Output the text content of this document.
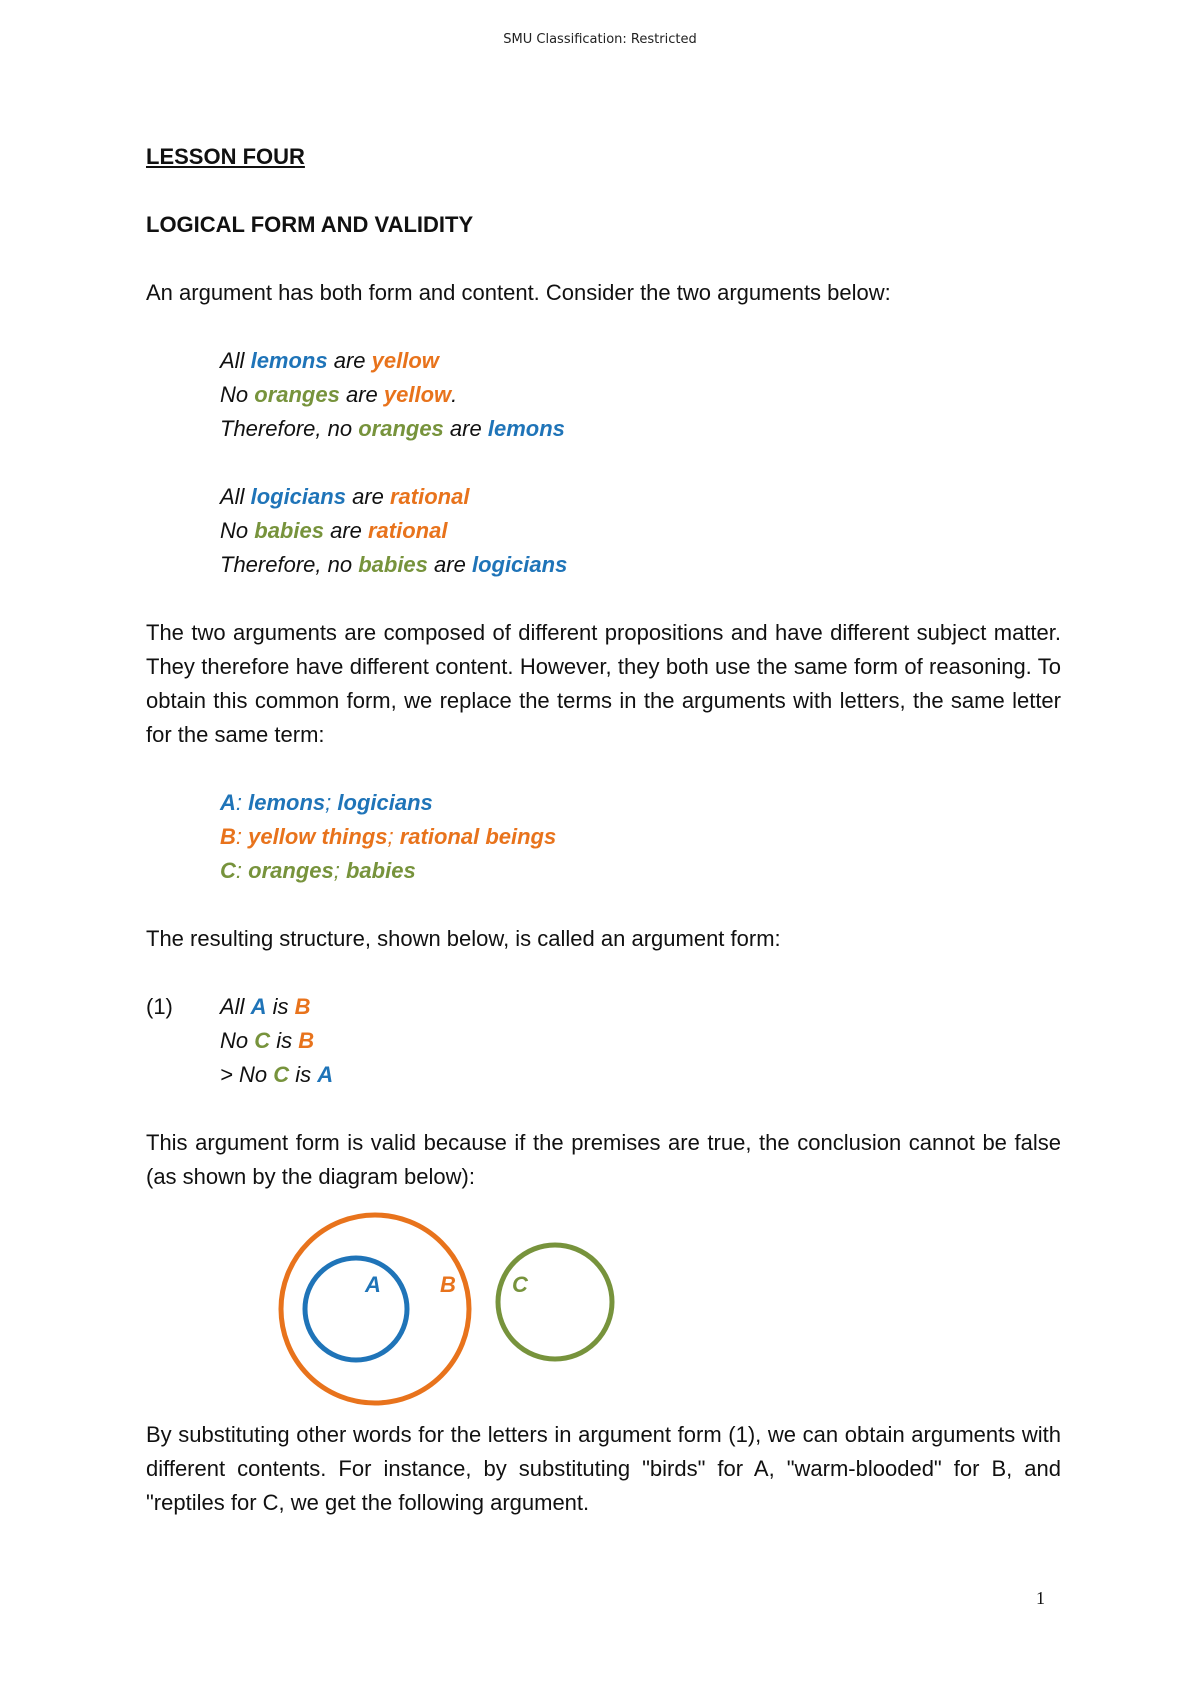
SMU Classification: Restricted

LESSON FOUR

LOGICAL FORM AND VALIDITY

An argument has both form and content. Consider the two arguments below:

All lemons are yellow
No oranges are yellow.
Therefore, no oranges are lemons
All logicians are rational
No babies are rational
Therefore, no babies are logicians

The two arguments are composed of different propositions and have different subject matter. They therefore have different content. However, they both use the same form of reasoning. To obtain this common form, we replace the terms in the arguments with letters, the same letter for the same term:

A: lemons; logicians
B: yellow things; rational beings
C: oranges; babies

The resulting structure, shown below, is called an argument form:

(1)	All A is B
No C is B
> No C is A

This argument form is valid because if the premises are true, the conclusion cannot be false (as shown by the diagram below):

A	B	C

By substituting other words for the letters in argument form (1), we can obtain arguments with different contents. For instance, by substituting "birds" for A, "warm-blooded" for B, and "reptiles for C, we get the following argument.

1
